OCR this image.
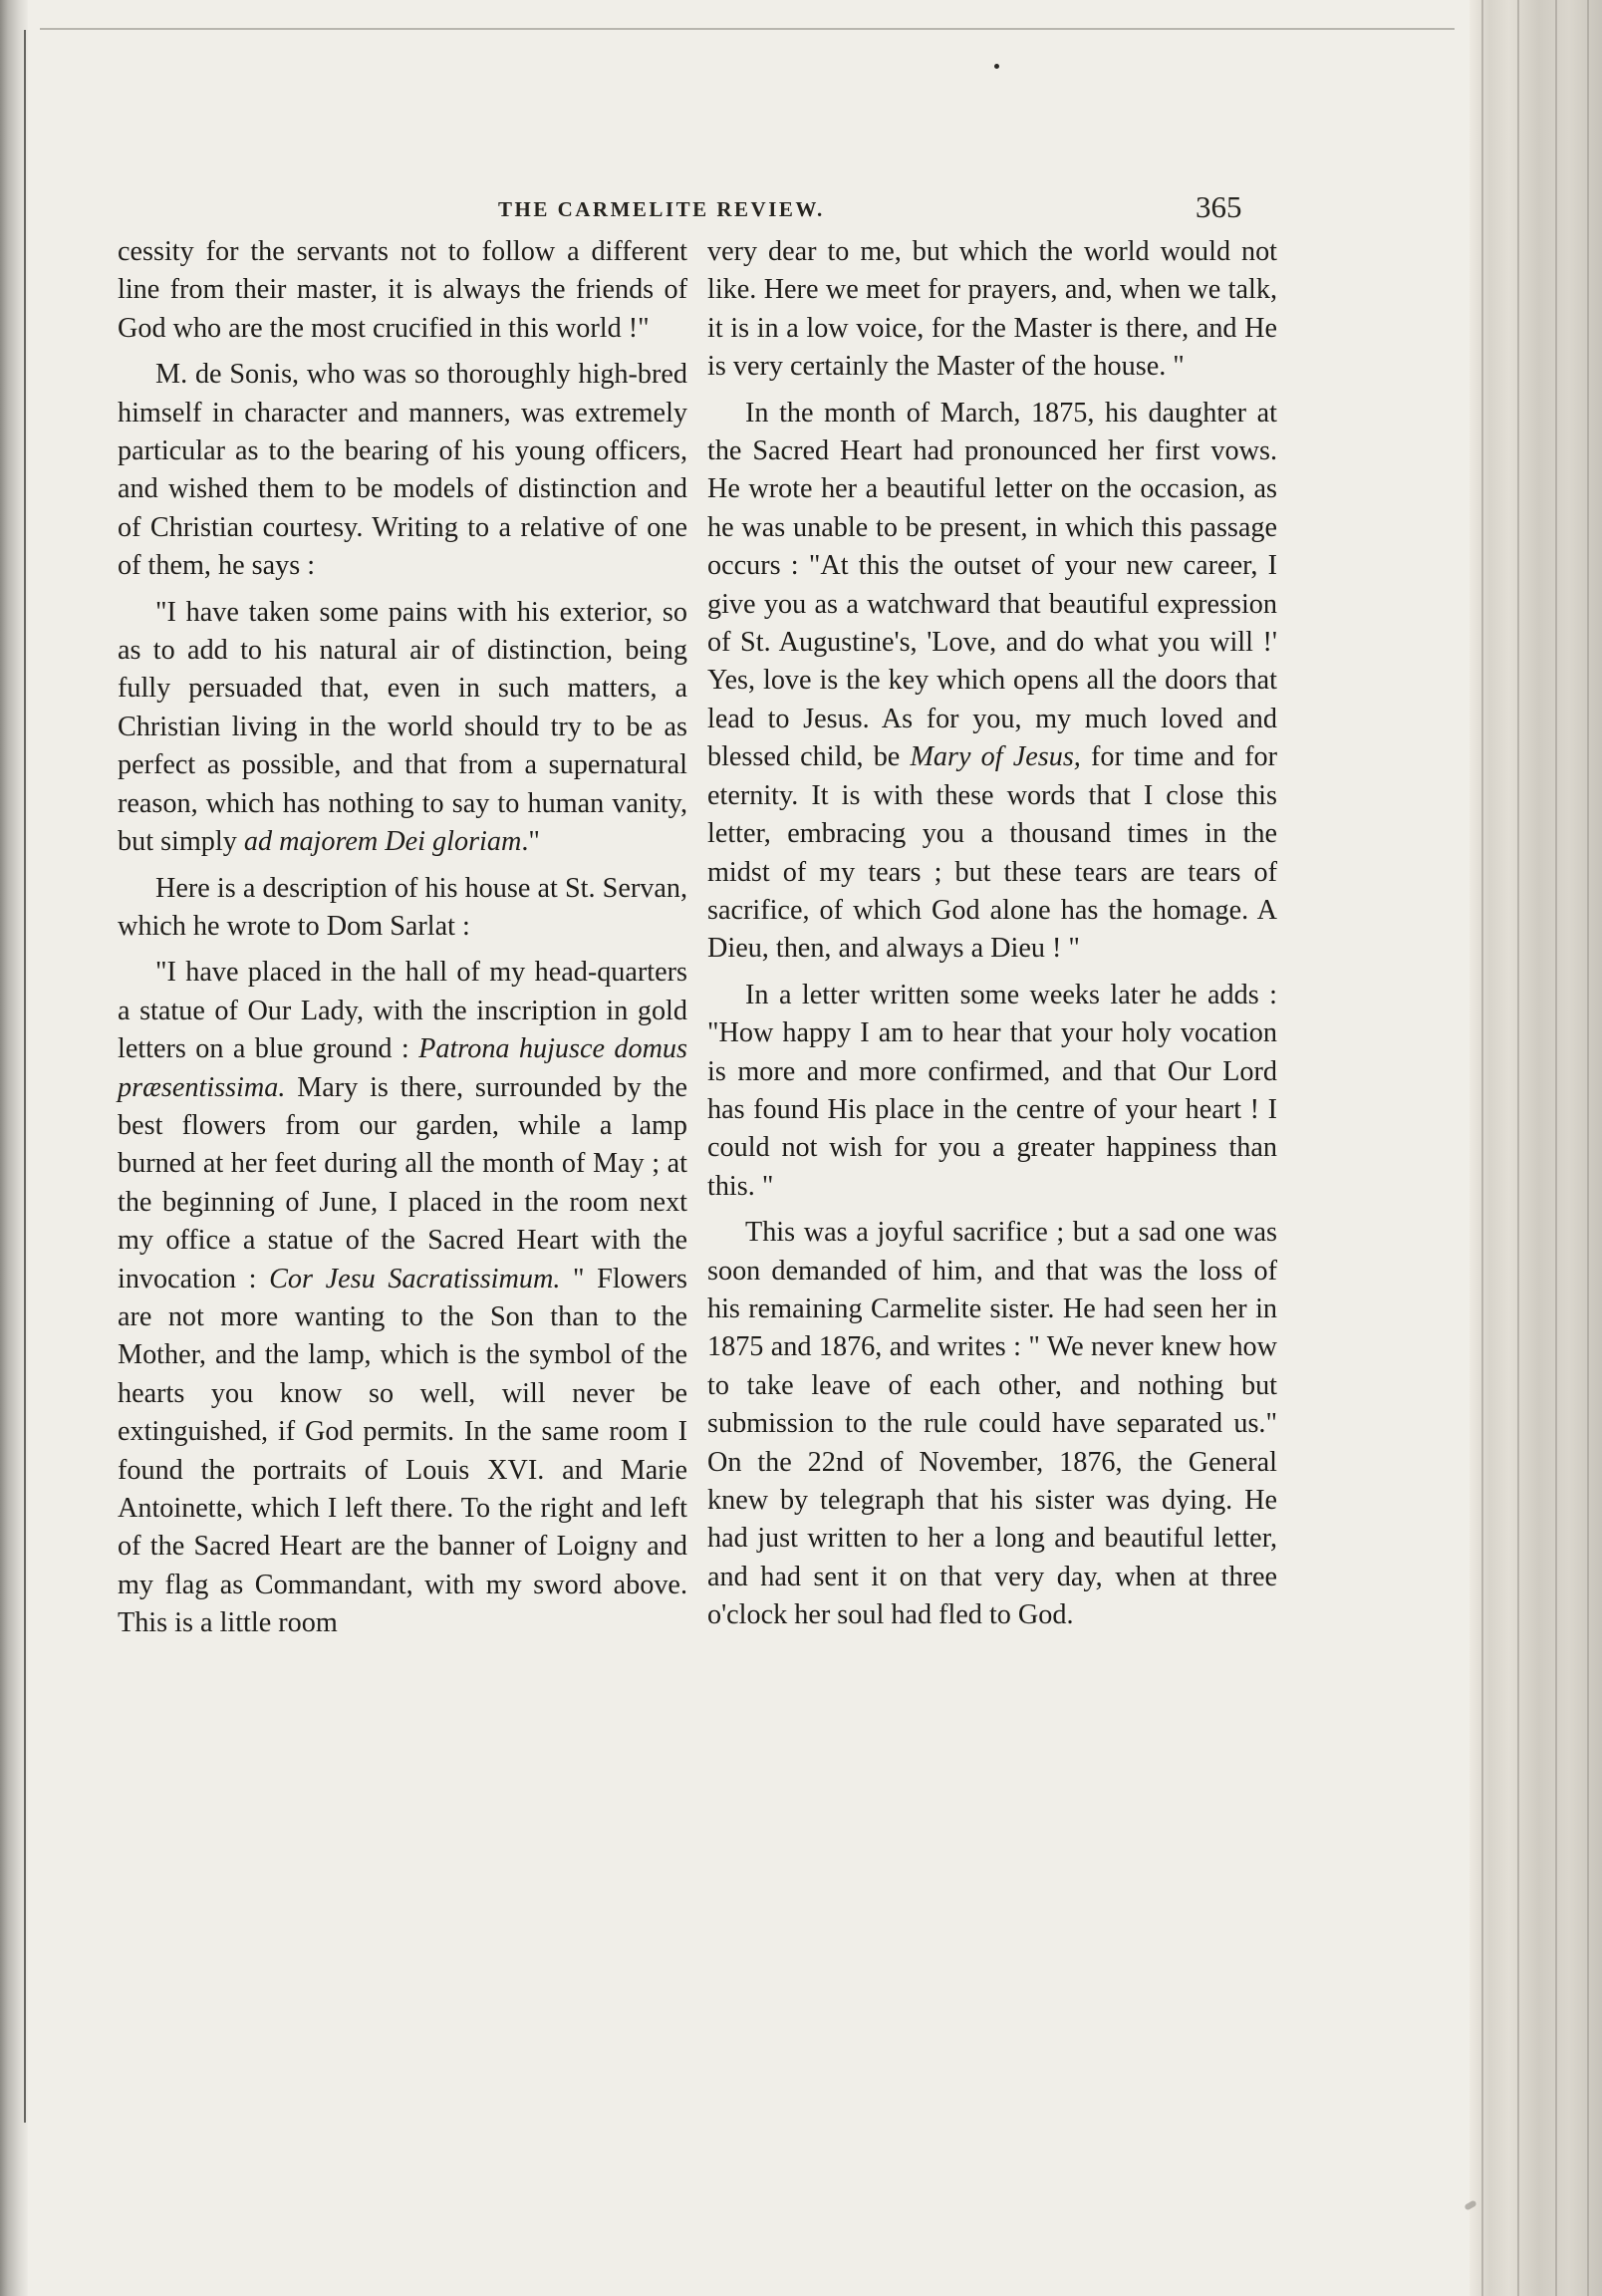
THE CARMELITE REVIEW.	365

cessity for the servants not to follow a different line from their master, it is always the friends of God who are the most crucified in this world !"

M. de Sonis, who was so thoroughly high-bred himself in character and manners, was extremely particular as to the bearing of his young officers, and wished them to be models of distinction and of Christian courtesy. Writing to a relative of one of them, he says :

"I have taken some pains with his exterior, so as to add to his natural air of distinction, being fully persuaded that, even in such matters, a Christian living in the world should try to be as perfect as possible, and that from a supernatural reason, which has nothing to say to human vanity, but simply ad majorem Dei gloriam."

Here is a description of his house at St. Servan, which he wrote to Dom Sarlat :

"I have placed in the hall of my head-quarters a statue of Our Lady, with the inscription in gold letters on a blue ground : Patrona hujusce domus præsentissima. Mary is there, surrounded by the best flowers from our garden, while a lamp burned at her feet during all the month of May ; at the beginning of June, I placed in the room next my office a statue of the Sacred Heart with the invocation : Cor Jesu Sacratissimum. " Flowers are not more wanting to the Son than to the Mother, and the lamp, which is the symbol of the hearts you know so well, will never be extinguished, if God permits. In the same room I found the portraits of Louis XVI. and Marie Antoinette, which I left there. To the right and left of the Sacred Heart are the banner of Loigny and my flag as Commandant, with my sword above. This is a little room

very dear to me, but which the world would not like. Here we meet for prayers, and, when we talk, it is in a low voice, for the Master is there, and He is very certainly the Master of the house. "

In the month of March, 1875, his daughter at the Sacred Heart had pronounced her first vows. He wrote her a beautiful letter on the occasion, as he was unable to be present, in which this passage occurs : "At this the outset of your new career, I give you as a watchward that beautiful expression of St. Augustine's, 'Love, and do what you will !' Yes, love is the key which opens all the doors that lead to Jesus. As for you, my much loved and blessed child, be Mary of Jesus, for time and for eternity. It is with these words that I close this letter, embracing you a thousand times in the midst of my tears ; but these tears are tears of sacrifice, of which God alone has the homage. A Dieu, then, and always a Dieu ! "

In a letter written some weeks later he adds : "How happy I am to hear that your holy vocation is more and more confirmed, and that Our Lord has found His place in the centre of your heart ! I could not wish for you a greater happiness than this. "

This was a joyful sacrifice ; but a sad one was soon demanded of him, and that was the loss of his remaining Carmelite sister. He had seen her in 1875 and 1876, and writes : " We never knew how to take leave of each other, and nothing but submission to the rule could have separated us." On the 22nd of November, 1876, the General knew by telegraph that his sister was dying. He had just written to her a long and beautiful letter, and had sent it on that very day, when at three o'clock her soul had fled to God.
